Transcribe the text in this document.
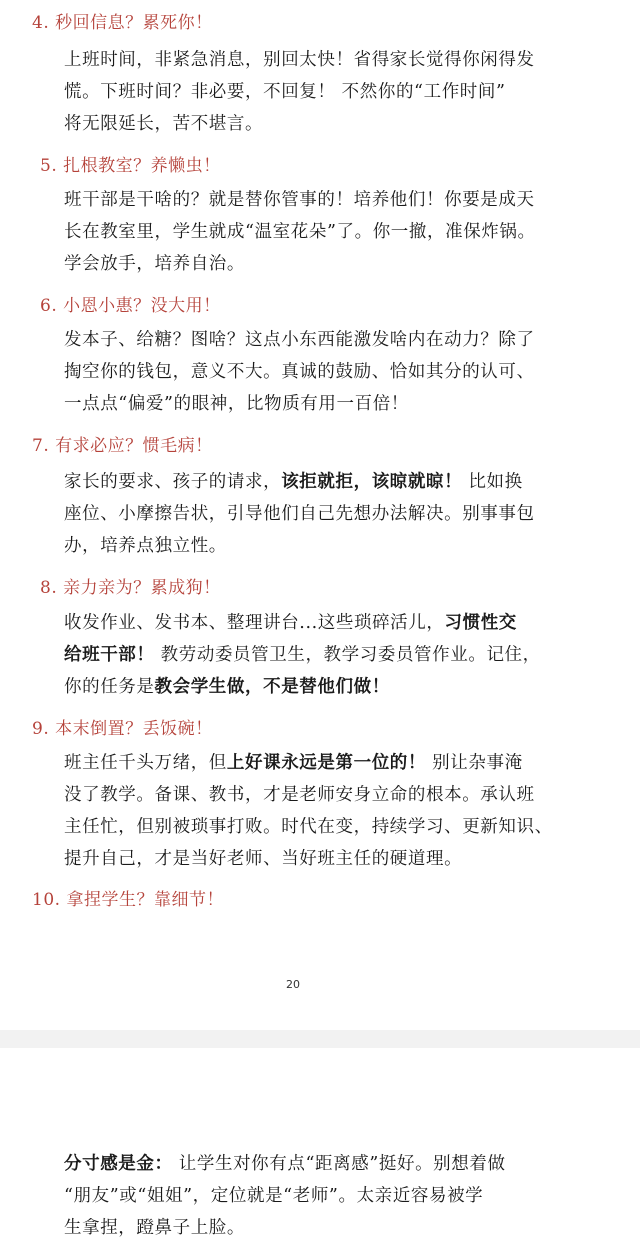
4. 秒回信息？累死你！
上班时间，非紧急消息，别回太快！省得家长觉得你闲得发
慌。下班时间？非必要，不回复！ 不然你的“工作时间”
将无限延长，苦不堪言。
5. 扎根教室？养懒虫！
班干部是干啥的？就是替你管事的！培养他们！你要是成天
长在教室里，学生就成“温室花朵”了。你一撤，准保炸锅。
学会放手，培养自治。
6. 小恩小惠？没大用！
发本子、给糖？图啥？这点小东西能激发啥内在动力？除了
掏空你的钱包，意义不大。真诚的鼓励、恰如其分的认可、
一点点“偏爱”的眼神，比物质有用一百倍！
7. 有求必应？惯毛病！
家长的要求、孩子的请求，该拒就拒，该晾就晾！ 比如换
座位、小摩擦告状，引导他们自己先想办法解决。别事事包
办，培养点独立性。
8. 亲力亲为？累成狗！
收发作业、发书本、整理讲台...这些琐碎活儿，习惯性交
给班干部！ 教劳动委员管卫生，教学习委员管作业。记住，
你的任务是教会学生做，不是替他们做！
9. 本末倒置？丢饭碗！
班主任千头万绪，但上好课永远是第一位的！ 别让杂事淹
没了教学。备课、教书，才是老师安身立命的根本。承认班
主任忙，但别被琐事打败。时代在变，持续学习、更新知识、
提升自己，才是当好老师、当好班主任的硬道理。
10. 拿捏学生？靠细节！
20
分寸感是金： 让学生对你有点“距离感”挺好。别想着做
“朋友”或“姐姐”，定位就是“老师”。太亲近容易被学
生拿捏，蹬鼻子上脸。
